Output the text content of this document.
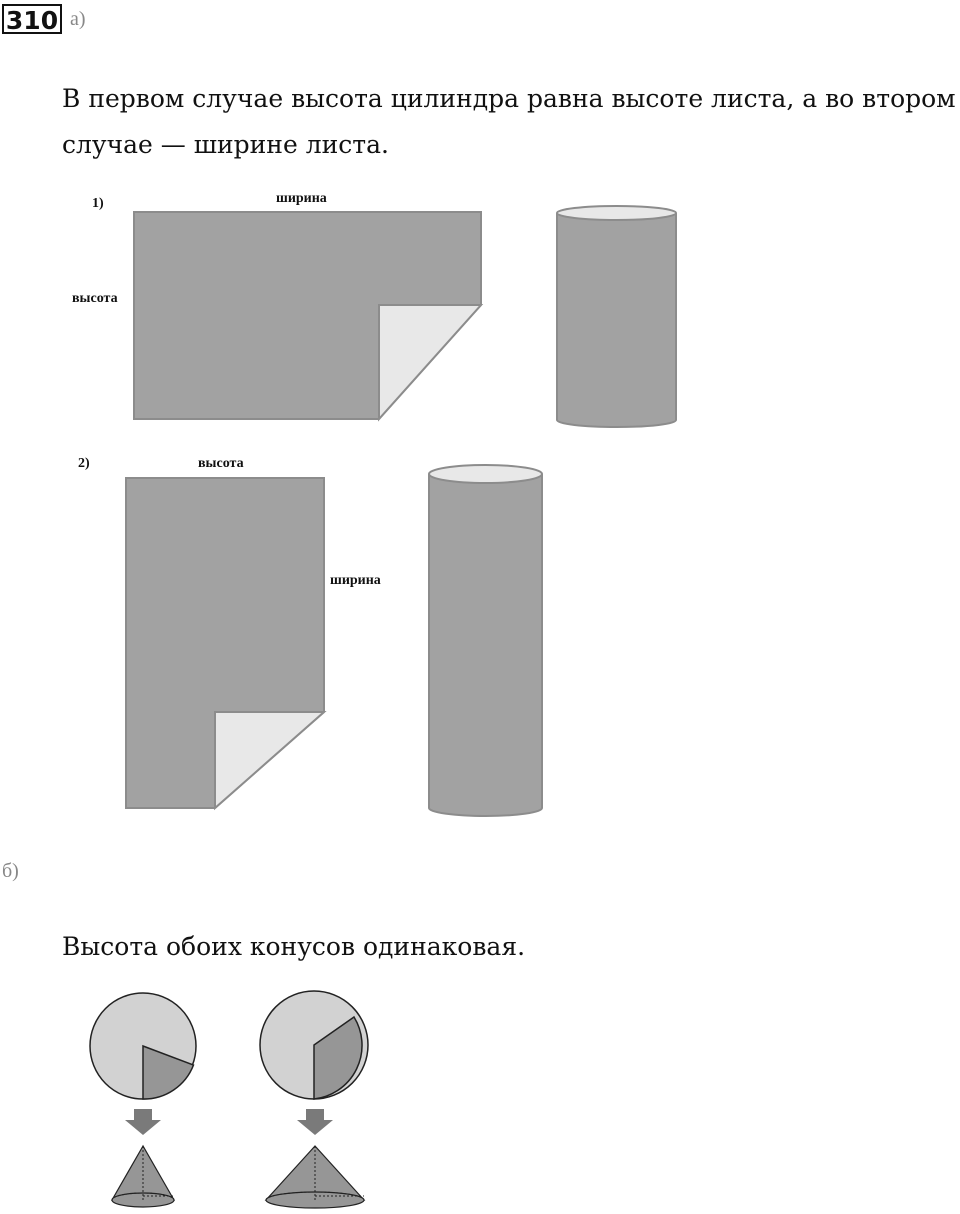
310 а)
В первом случае высота цилиндра равна высоте листа, а во втором
случае — ширине листа.
1)	ширина
высота
2)	высота
ширина
б)
Высота обоих конусов одинаковая.
